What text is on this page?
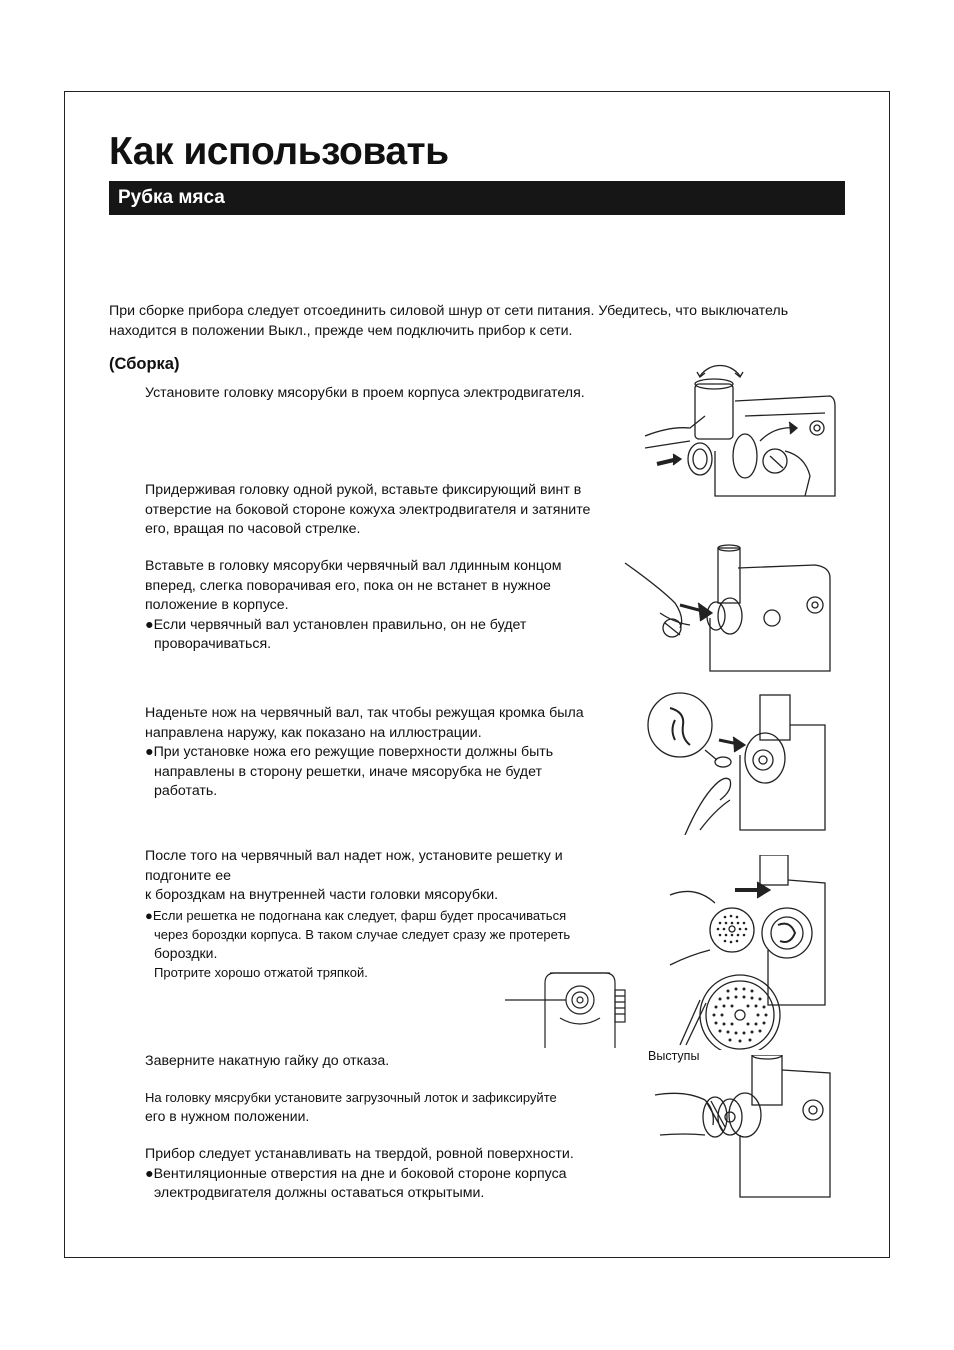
Как использовать
Рубка мяса

При сборке прибора следует отсоединить силовой шнур от сети питания. Убедитесь, что выключатель

находится в положении Выкл., прежде чем подключить прибор к сети.

(Сборка)

Установите головку мясорубки в проем корпуса электродвигателя.

Придерживая головку одной рукой, вставьте фиксирующий винт в

отверстие на боковой стороне кожуха электродвигателя и затяните

его, вращая по часовой стрелке.

Вставьте в головку мясорубки червячный вал лдинным концом

вперед, слегка поворачивая его, пока он не встанет в нужное

положение в корпусе.

●Если червячный вал установлен правильно, он не будет

проворачиваться.

Наденьте нож на червячный вал, так чтобы режущая кромка была

направлена наружу, как показано на иллюстрации.

●При установке ножа его режущие поверхности должны быть

направлены в сторону решетки, иначе мясорубка не будет

работать.

После того на червячный вал надет нож, установите решетку и

подгоните ее

к бороздкам на внутренней части головки мясорубки.

●Если решетка не подогнана как следует, фарш будет просачиваться

через бороздки корпуса. В таком случае следует сразу же протереть

бороздки.

Протрите хорошо отжатой тряпкой.

Заверните накатную гайку до отказа.

На головку мясрубки установите загрузочный лоток и зафиксируйте

его в нужном положении.

Прибор следует устанавливать на твердой, ровной поверхности.

●Вентиляционные отверстия на дне и боковой стороне корпуса

электродвигателя должны оставаться открытыми.

Выступы
